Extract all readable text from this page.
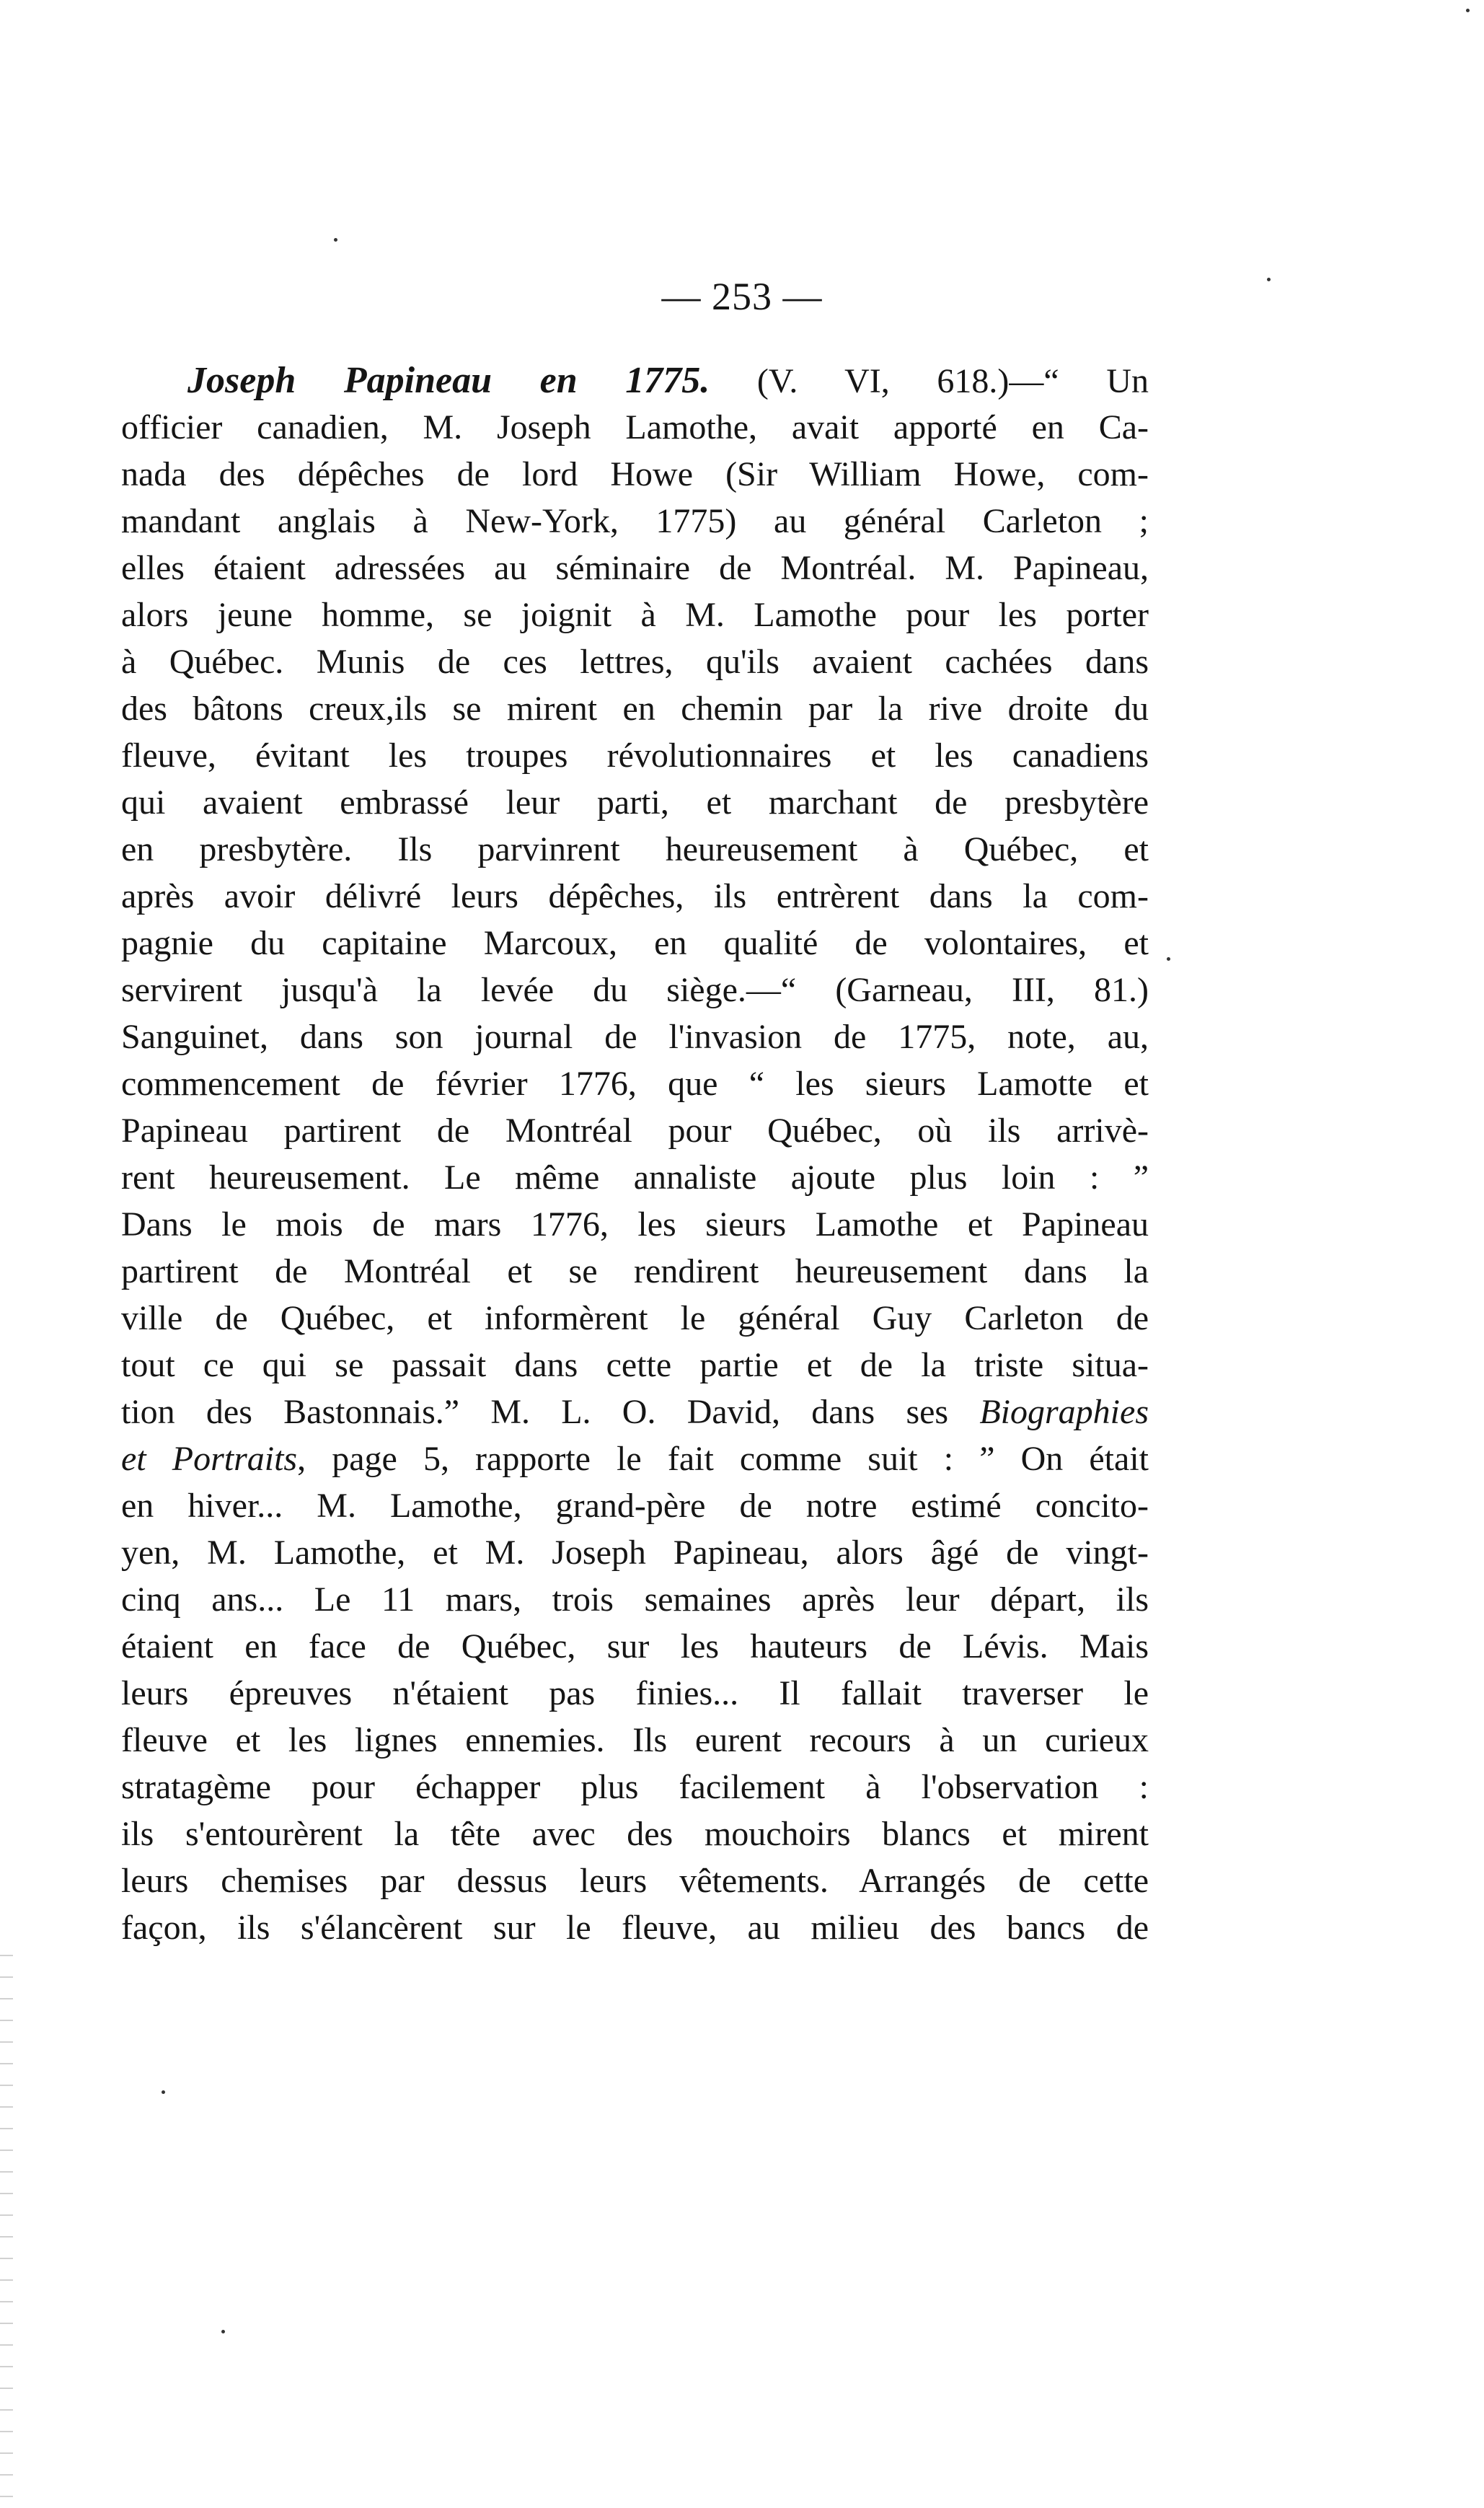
— 253 —
Joseph Papineau en 1775. (V. VI, 618.)—“ Un
officier canadien, M. Joseph Lamothe, avait apporté en Ca-
nada des dépêches de lord Howe (Sir William Howe, com-
mandant anglais à New-York, 1775) au général Carleton ;
elles étaient adressées au séminaire de Montréal. M. Papineau,
alors jeune homme, se joignit à M. Lamothe pour les porter
à Québec. Munis de ces lettres, qu'ils avaient cachées dans
des bâtons creux,ils se mirent en chemin par la rive droite du
fleuve, évitant les troupes révolutionnaires et les canadiens
qui avaient embrassé leur parti, et marchant de presbytère
en presbytère. Ils parvinrent heureusement à Québec, et
après avoir délivré leurs dépêches, ils entrèrent dans la com-
pagnie du capitaine Marcoux, en qualité de volontaires, et
servirent jusqu'à la levée du siège.—“ (Garneau, III, 81.)
Sanguinet, dans son journal de l'invasion de 1775, note, au,
commencement de février 1776, que “ les sieurs Lamotte et
Papineau partirent de Montréal pour Québec, où ils arrivè-
rent heureusement. Le même annaliste ajoute plus loin : ”
Dans le mois de mars 1776, les sieurs Lamothe et Papineau
partirent de Montréal et se rendirent heureusement dans la
ville de Québec, et informèrent le général Guy Carleton de
tout ce qui se passait dans cette partie et de la triste situa-
tion des Bastonnais.” M. L. O. David, dans ses Biographies
et Portraits, page 5, rapporte le fait comme suit : ” On était
en hiver... M. Lamothe, grand-père de notre estimé concito-
yen, M. Lamothe, et M. Joseph Papineau, alors âgé de vingt-
cinq ans... Le 11 mars, trois semaines après leur départ, ils
étaient en face de Québec, sur les hauteurs de Lévis. Mais
leurs épreuves n'étaient pas finies... Il fallait traverser le
fleuve et les lignes ennemies. Ils eurent recours à un curieux
stratagème pour échapper plus facilement à l'observation :
ils s'entourèrent la tête avec des mouchoirs blancs et mirent
leurs chemises par dessus leurs vêtements. Arrangés de cette
façon, ils s'élancèrent sur le fleuve, au milieu des bancs de
